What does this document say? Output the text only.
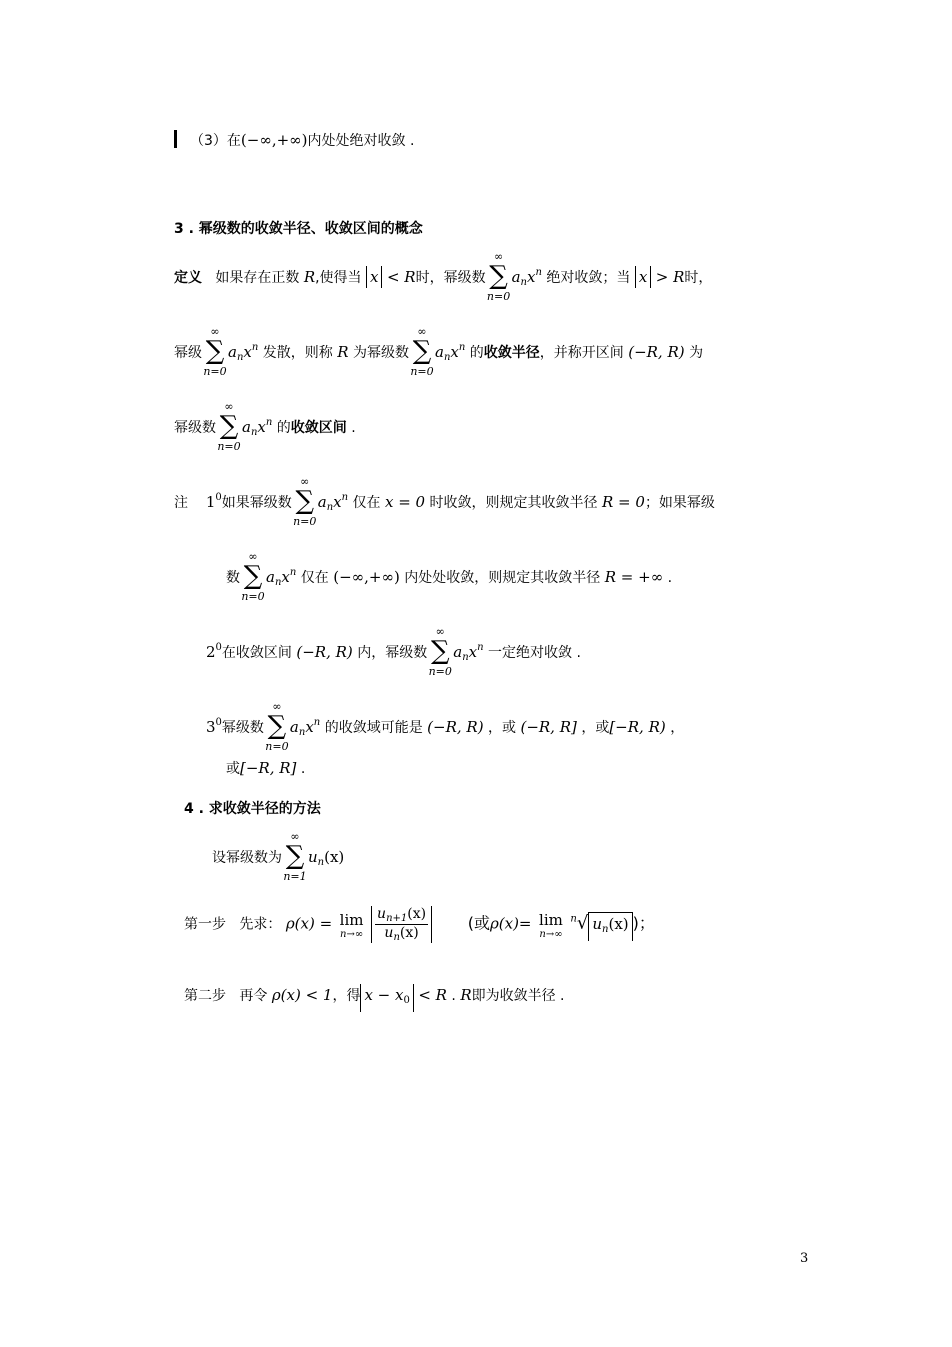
（3）在(−∞,+∞)内处处绝对收敛 .
3 . 幂级数的收敛半径、收敛区间的概念
定义 如果存在正数 R,使得当 x < R时，幂级数
∞
∑
n=0
$a_nx^n$ 绝对收敛；当 x > R时，
幂级
∞
∑
n=0
$a_nx^n$ 发散，则称 R 为幂级数
∞
∑
n=0
$a_nx^n$ 的收敛半径，并称开区间 (−R, R) 为
幂级数
∞
∑
n=0
$a_nx^n$ 的收敛区间 .
注 $1^0$如果幂级数
∞
∑
n=0
$a_nx^n$ 仅在 x = 0 时收敛，则规定其收敛半径 R = 0；如果幂级
数
∞
∑
n=0
$a_nx^n$ 仅在 (−∞,+∞) 内处处收敛，则规定其收敛半径 R = +∞ .
$2^0$在收敛区间 (−R, R) 内，幂级数
∞
∑
n=0
$a_nx^n$ 一定绝对收敛 .
$3^0$幂级数
∞
∑
n=0
$a_nx^n$ 的收敛域可能是 (−R, R) ，或 (−R, R] ，或[−R, R) ，
或[−R, R] .
4 . 求收敛半径的方法
设幂级数为
∞
∑
n=1
$u_n(x)$
第一步 先求： ρ(x) = lim
n→∞
$\frac{u_{n+1}(x)}{u_n(x)}$ (或ρ(x)= lim
n→∞
$^n$√ $u_n(x)$ )；
第二步 再令 ρ(x) < 1，得 $x - x_0 < R$ . R即为收敛半径 .
3
